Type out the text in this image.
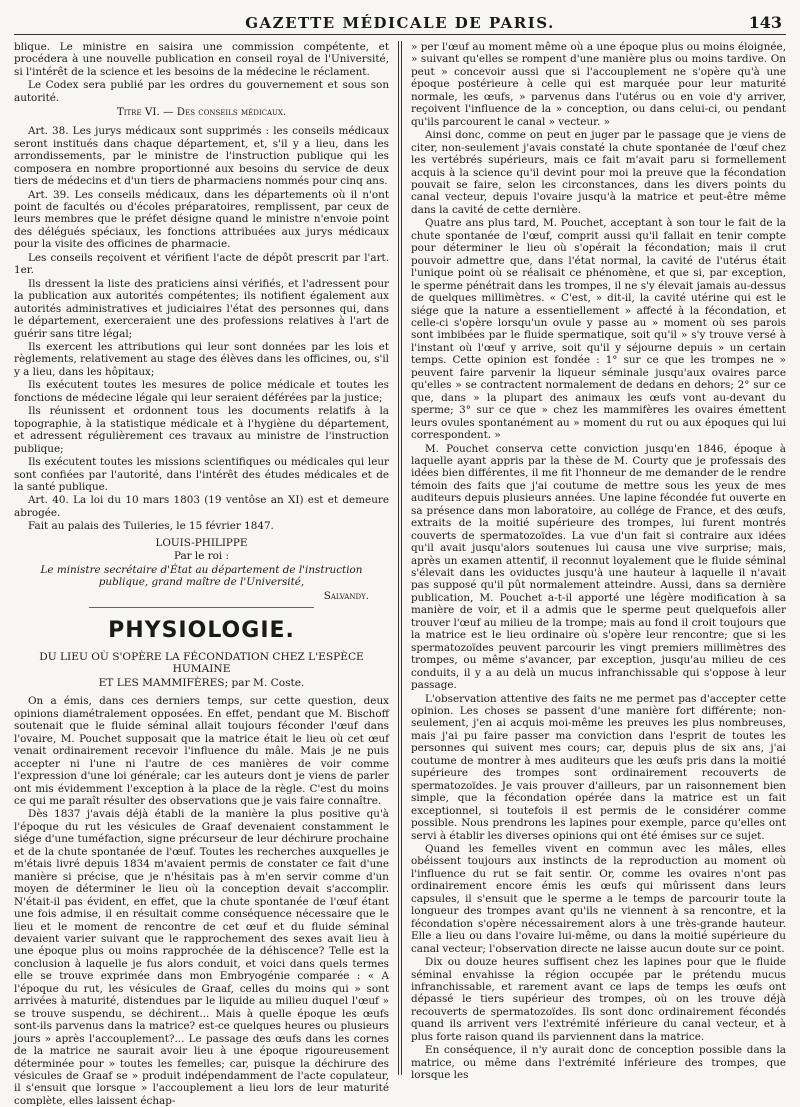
GAZETTE MÉDICALE DE PARIS.	143

blique. Le ministre en saisira une commission compétente, et procédera à une nouvelle publication en conseil royal de l'Université, si l'intérêt de la science et les besoins de la médecine le réclament.

Le Codex sera publié par les ordres du gouvernement et sous son autorité.

Titre VI. — Des conseils médicaux.

Art. 38. Les jurys médicaux sont supprimés : les conseils médicaux seront institués dans chaque département, et, s'il y a lieu, dans les arrondissements, par le ministre de l'instruction publique qui les composera en nombre proportionné aux besoins du service de deux tiers de médecins et d'un tiers de pharmaciens nommés pour cinq ans.

Art. 39. Les conseils médicaux, dans les départements où il n'ont point de facultés ou d'écoles préparatoires, remplissent, par ceux de leurs membres que le préfet désigne quand le ministre n'envoie point des délégués spéciaux, les fonctions attribuées aux jurys médicaux pour la visite des officines de pharmacie.

Les conseils reçoivent et vérifient l'acte de dépôt prescrit par l'art. 1er.

Ils dressent la liste des praticiens ainsi vérifiés, et l'adressent pour la publication aux autorités compétentes; ils notifient également aux autorités administratives et judiciaires l'état des personnes qui, dans le département, exerceraient une des professions relatives à l'art de guérir sans titre légal;

Ils exercent les attributions qui leur sont données par les lois et règlements, relativement au stage des élèves dans les officines, ou, s'il y a lieu, dans les hôpitaux;

Ils exécutent toutes les mesures de police médicale et toutes les fonctions de médecine légale qui leur seraient déférées par la justice;

Ils réunissent et ordonnent tous les documents relatifs à la topographie, à la statistique médicale et à l'hygiène du département, et adressent régulièrement ces travaux au ministre de l'instruction publique;

Ils exécutent toutes les missions scientifiques ou médicales qui leur sont confiées par l'autorité, dans l'intérêt des études médicales et de la santé publique.

Art. 40. La loi du 10 mars 1803 (19 ventôse an XI) est et demeure abrogée.

Fait au palais des Tuileries, le 15 février 1847.

LOUIS-PHILIPPE

Par le roi :

Le ministre secrétaire d'État au département de l'instruction publique, grand maître de l'Université,

Salvandy.

PHYSIOLOGIE.

DU LIEU OÙ S'OPÈRE LA FÉCONDATION CHEZ L'ESPÈCE HUMAINE

ET LES MAMMIFÈRES; par M. Coste.

On a émis, dans ces derniers temps, sur cette question, deux opinions diamétralement opposées. En effet, pendant que M. Bischoff soutenait que le fluide séminal allait toujours féconder l'œuf dans l'ovaire, M. Pouchet supposait que la matrice était le lieu où cet œuf venait ordinairement recevoir l'influence du mâle. Mais je ne puis accepter ni l'une ni l'autre de ces manières de voir comme l'expression d'une loi générale; car les auteurs dont je viens de parler ont mis évidemment l'exception à la place de la règle. C'est du moins ce qui me paraît résulter des observations que je vais faire connaître.

Dès 1837 j'avais déjà établi de la manière la plus positive qu'à l'époque du rut les vésicules de Graaf devenaient constamment le siége d'une tuméfaction, signe précurseur de leur déchirure prochaine et de la chute spontanée de l'œuf. Toutes les recherches auxquelles je m'étais livré depuis 1834 m'avaient permis de constater ce fait d'une manière si précise, que je n'hésitais pas à m'en servir comme d'un moyen de déterminer le lieu où la conception devait s'accomplir. N'était-il pas évident, en effet, que la chute spontanée de l'œuf étant une fois admise, il en résultait comme conséquence nécessaire que le lieu et le moment de rencontre de cet œuf et du fluide séminal devaient varier suivant que le rapprochement des sexes avait lieu à une époque plus ou moins rapprochée de la déhiscence? Telle est la conclusion à laquelle je fus alors conduit, et voici dans quels termes elle se trouve exprimée dans mon Embryogénie comparée : « A l'époque du rut, les vésicules de Graaf, celles du moins qui » sont arrivées à maturité, distendues par le liquide au milieu duquel l'œuf » se trouve suspendu, se déchirent... Mais à quelle époque les œufs sont-ils parvenus dans la matrice? est-ce quelques heures ou plusieurs jours » après l'accouplement?... Le passage des œufs dans les cornes de la matrice ne saurait avoir lieu à une époque rigoureusement déterminée pour » toutes les femelles; car, puisque la déchirure des vésicules de Graaf se » produit indépendamment de l'acte copulateur, il s'ensuit que lorsque » l'accouplement a lieu lors de leur maturité complète, elles laissent échap-

» per l'œuf au moment même où a une époque plus ou moins éloignée, » suivant qu'elles se rompent d'une manière plus ou moins tardive. On peut » concevoir aussi que si l'accouplement ne s'opère qu'à une époque postérieure à celle qui est marquée pour leur maturité normale, les œufs, » parvenus dans l'utérus ou en voie d'y arriver, reçoivent l'influence de la » conception, ou dans celui-ci, ou pendant qu'ils parcourent le canal » vecteur. »

Ainsi donc, comme on peut en juger par le passage que je viens de citer, non-seulement j'avais constaté la chute spontanée de l'œuf chez les vertébrés supérieurs, mais ce fait m'avait paru si formellement acquis à la science qu'il devint pour moi la preuve que la fécondation pouvait se faire, selon les circonstances, dans les divers points du canal vecteur, depuis l'ovaire jusqu'à la matrice et peut-être même dans la cavité de cette dernière.

Quatre ans plus tard, M. Pouchet, acceptant à son tour le fait de la chute spontanée de l'œuf, comprit aussi qu'il fallait en tenir compte pour déterminer le lieu où s'opérait la fécondation; mais il crut pouvoir admettre que, dans l'état normal, la cavité de l'utérus était l'unique point où se réalisait ce phénomène, et que si, par exception, le sperme pénétrait dans les trompes, il ne s'y élevait jamais au-dessus de quelques millimètres. « C'est, » dit-il, la cavité utérine qui est le siége que la nature a essentiellement » affecté à la fécondation, et celle-ci s'opère lorsqu'un ovule y passe au » moment où ses parois sont imbibées par le fluide spermatique, soit qu'il » s'y trouve versé à l'instant où l'œuf y arrive, soit qu'il y séjourne depuis » un certain temps. Cette opinion est fondée : 1° sur ce que les trompes ne » peuvent faire parvenir la liqueur séminale jusqu'aux ovaires parce qu'elles » se contractent normalement de dedans en dehors; 2° sur ce que, dans » la plupart des animaux les œufs vont au-devant du sperme; 3° sur ce que » chez les mammifères les ovaires émettent leurs ovules spontanément au » moment du rut ou aux époques qui lui correspondent. »

M. Pouchet conserva cette conviction jusqu'en 1846, époque à laquelle ayant appris par la thèse de M. Courty que je professais des idées bien différentes, il me fit l'honneur de me demander de le rendre témoin des faits que j'ai coutume de mettre sous les yeux de mes auditeurs depuis plusieurs années. Une lapine fécondée fut ouverte en sa présence dans mon laboratoire, au collége de France, et des œufs, extraits de la moitié supérieure des trompes, lui furent montrés couverts de spermatozoïdes. La vue d'un fait si contraire aux idées qu'il avait jusqu'alors soutenues lui causa une vive surprise; mais, après un examen attentif, il reconnut loyalement que le fluide séminal s'élevait dans les oviductes jusqu'à une hauteur à laquelle il n'avait pas supposé qu'il pût normalement atteindre. Aussi, dans sa dernière publication, M. Pouchet a-t-il apporté une légère modification à sa manière de voir, et il a admis que le sperme peut quelquefois aller trouver l'œuf au milieu de la trompe; mais au fond il croit toujours que la matrice est le lieu ordinaire où s'opère leur rencontre; que si les spermatozoïdes peuvent parcourir les vingt premiers millimètres des trompes, ou même s'avancer, par exception, jusqu'au milieu de ces conduits, il y a au delà un mucus infranchissable qui s'oppose à leur passage.

L'observation attentive des faits ne me permet pas d'accepter cette opinion. Les choses se passent d'une manière fort différente; non-seulement, j'en ai acquis moi-même les preuves les plus nombreuses, mais j'ai pu faire passer ma conviction dans l'esprit de toutes les personnes qui suivent mes cours; car, depuis plus de six ans, j'ai coutume de montrer à mes auditeurs que les œufs pris dans la moitié supérieure des trompes sont ordinairement recouverts de spermatozoïdes. Je vais prouver d'ailleurs, par un raisonnement bien simple, que la fécondation opérée dans la matrice est un fait exceptionnel, si toutefois il est permis de le considérer comme possible. Nous prendrons les lapines pour exemple, parce qu'elles ont servi à établir les diverses opinions qui ont été émises sur ce sujet.

Quand les femelles vivent en commun avec les mâles, elles obéissent toujours aux instincts de la reproduction au moment où l'influence du rut se fait sentir. Or, comme les ovaires n'ont pas ordinairement encore émis les œufs qui mûrissent dans leurs capsules, il s'ensuit que le sperme a le temps de parcourir toute la longueur des trompes avant qu'ils ne viennent à sa rencontre, et la fécondation s'opère nécessairement alors à une très-grande hauteur. Elle a lieu ou dans l'ovaire lui-même, ou dans la moitié supérieure du canal vecteur; l'observation directe ne laisse aucun doute sur ce point.

Dix ou douze heures suffisent chez les lapines pour que le fluide séminal envahisse la région occupée par le prétendu mucus infranchissable, et rarement avant ce laps de temps les œufs ont dépassé le tiers supérieur des trompes, où on les trouve déjà recouverts de spermatozoïdes. Ils sont donc ordinairement fécondés quand ils arrivent vers l'extrémité inférieure du canal vecteur, et à plus forte raison quand ils parviennent dans la matrice.

En conséquence, il n'y aurait donc de conception possible dans la matrice, ou même dans l'extrémité inférieure des trompes, que lorsque les
